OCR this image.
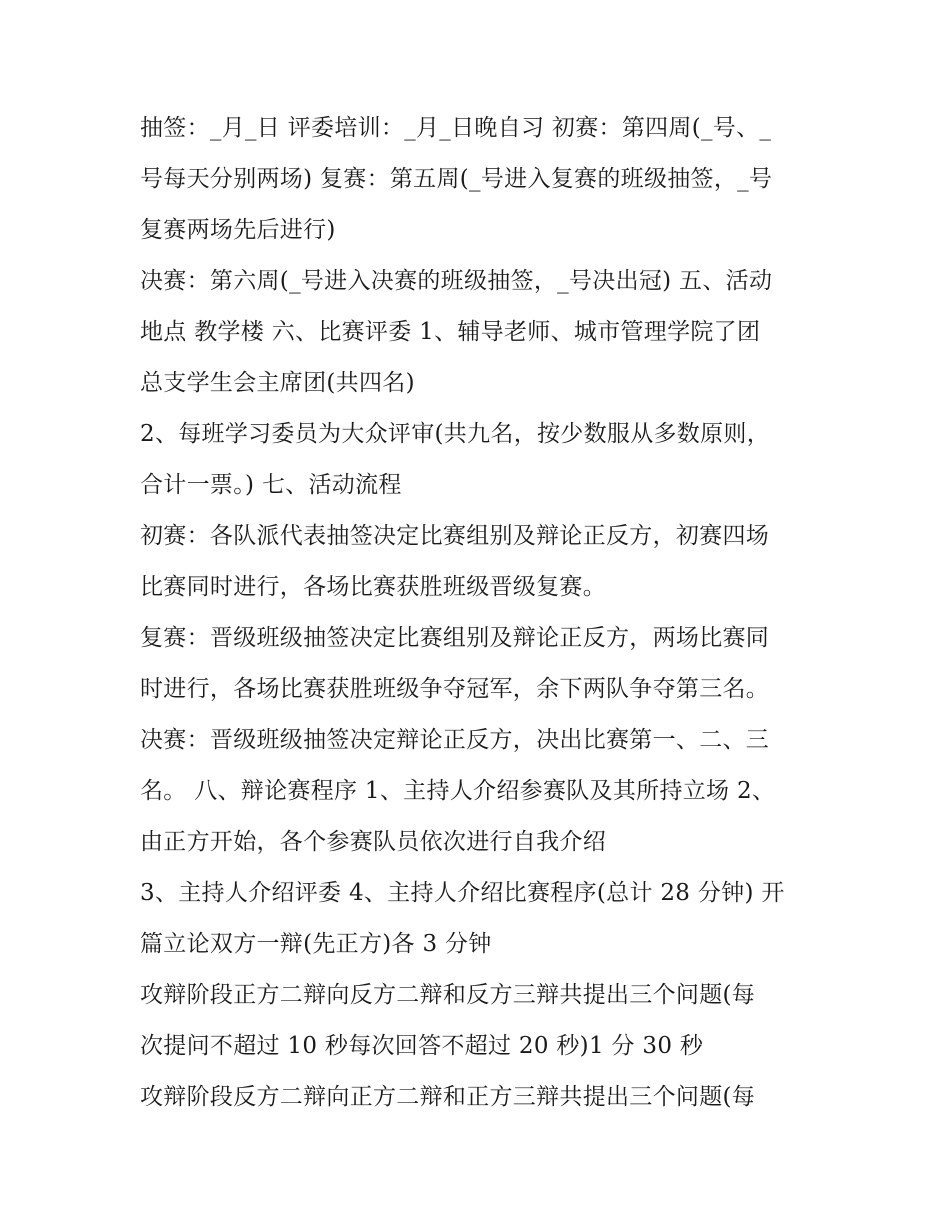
抽签：_月_日 评委培训：_月_日晚自习 初赛：第四周(_号、_
号每天分别两场) 复赛：第五周(_号进入复赛的班级抽签，_号
复赛两场先后进行)
决赛：第六周(_号进入决赛的班级抽签，_号决出冠) 五、活动
地点 教学楼 六、比赛评委 1、辅导老师、城市管理学院了团
总支学生会主席团(共四名)
2、每班学习委员为大众评审(共九名，按少数服从多数原则，
合计一票。) 七、活动流程
初赛：各队派代表抽签决定比赛组别及辩论正反方，初赛四场
比赛同时进行，各场比赛获胜班级晋级复赛。
复赛：晋级班级抽签决定比赛组别及辩论正反方，两场比赛同
时进行，各场比赛获胜班级争夺冠军，余下两队争夺第三名。
决赛：晋级班级抽签决定辩论正反方，决出比赛第一、二、三
名。 八、辩论赛程序 1、主持人介绍参赛队及其所持立场 2、
由正方开始，各个参赛队员依次进行自我介绍
3、主持人介绍评委 4、主持人介绍比赛程序(总计 28 分钟) 开
篇立论双方一辩(先正方)各 3 分钟
攻辩阶段正方二辩向反方二辩和反方三辩共提出三个问题(每
次提问不超过 10 秒每次回答不超过 20 秒)1 分 30 秒
攻辩阶段反方二辩向正方二辩和正方三辩共提出三个问题(每
